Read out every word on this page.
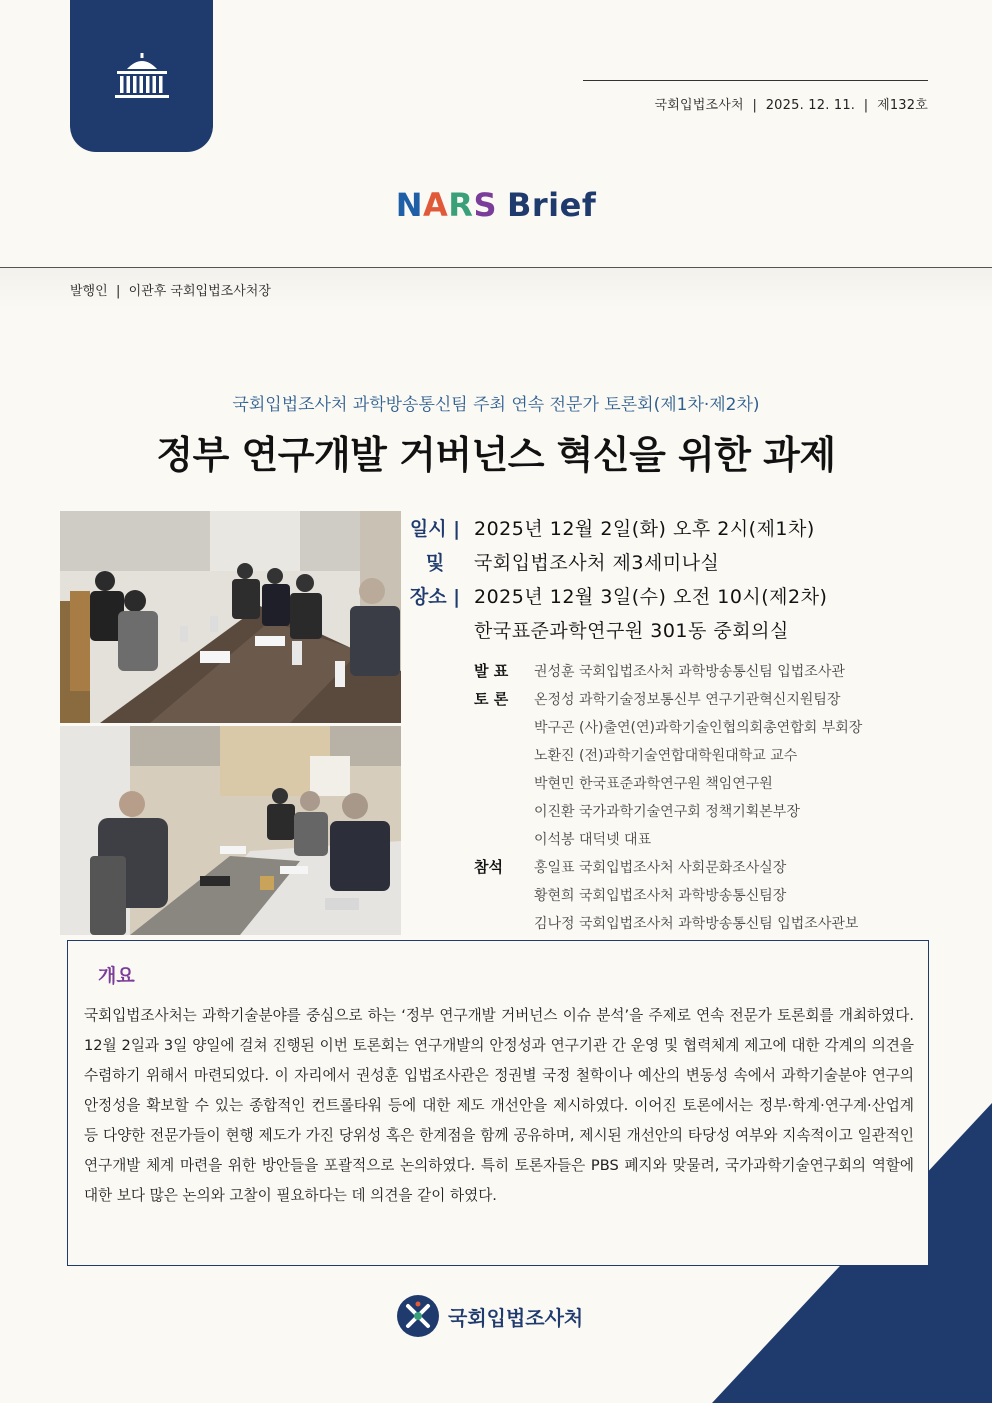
국회입법조사처  |  2025. 12. 11.  |  제132호
NARS Brief
발행인  |  이관후 국회입법조사처장
국회입법조사처 과학방송통신팀 주최 연속 전문가 토론회(제1차·제2차)
정부 연구개발 거버넌스 혁신을 위한 과제
일시 |
및
장소 |
2025년 12월 2일(화) 오후 2시(제1차)
국회입법조사처 제3세미나실
2025년 12월 3일(수) 오전 10시(제2차)
한국표준과학연구원 301동 중회의실
발 표 권성훈 국회입법조사처 과학방송통신팀 입법조사관
토 론 온정성 과학기술정보통신부 연구기관혁신지원팀장
박구곤 (사)출연(연)과학기술인협의회총연합회 부회장
노환진 (전)과학기술연합대학원대학교 교수
박현민 한국표준과학연구원 책임연구원
이진환 국가과학기술연구회 정책기획본부장
이석봉 대덕넷 대표
참석 홍일표 국회입법조사처 사회문화조사실장
황현희 국회입법조사처 과학방송통신팀장
김나정 국회입법조사처 과학방송통신팀 입법조사관보
개요

국회입법조사처는 과학기술분야를 중심으로 하는 ‘정부 연구개발 거버넌스 이슈 분석’을 주제로 연속 전문가 토론회를 개최하였다. 12월 2일과 3일 양일에 걸쳐 진행된 이번 토론회는 연구개발의 안정성과 연구기관 간 운영 및 협력체계 제고에 대한 각계의 의견을 수렴하기 위해서 마련되었다. 이 자리에서 권성훈 입법조사관은 정권별 국정 철학이나 예산의 변동성 속에서 과학기술분야 연구의 안정성을 확보할 수 있는 종합적인 컨트롤타워 등에 대한 제도 개선안을 제시하였다. 이어진 토론에서는 정부·학계·연구계·산업계 등 다양한 전문가들이 현행 제도가 가진 당위성 혹은 한계점을 함께 공유하며, 제시된 개선안의 타당성 여부와 지속적이고 일관적인 연구개발 체계 마련을 위한 방안들을 포괄적으로 논의하였다. 특히 토론자들은 PBS 폐지와 맞물려, 국가과학기술연구회의 역할에 대한 보다 많은 논의와 고찰이 필요하다는 데 의견을 같이 하였다.

국회입법조사처
